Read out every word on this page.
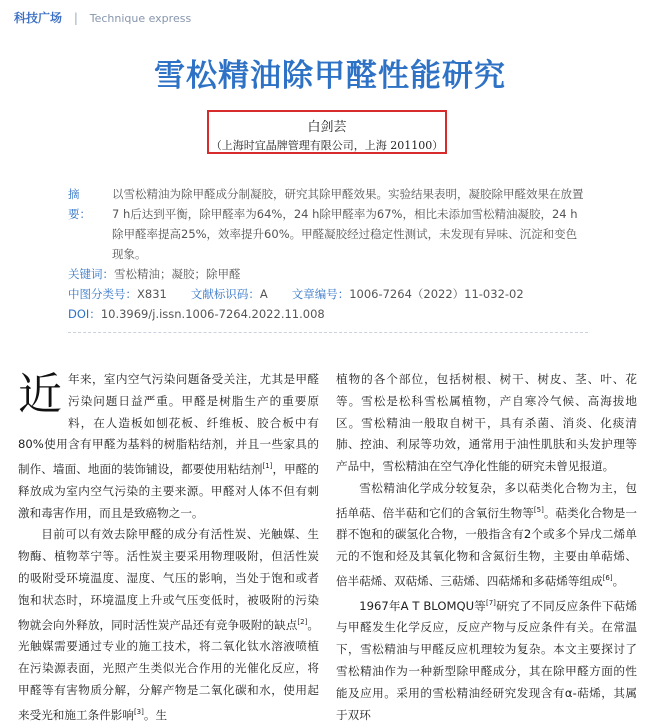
科技广场 | Technique express
雪松精油除甲醛性能研究
白剑芸
（上海时宜晶牌管理有限公司，上海 201100）
摘　要：
以雪松精油为除甲醛成分制凝胶，研究其除甲醛效果。实验结果表明，凝胶除甲醛效果在放置7 h后达到平衡，除甲醛率为64%，24 h除甲醛率为67%，相比未添加雪松精油凝胶，24 h除甲醛率提高25%，效率提升60%。甲醛凝胶经过稳定性测试，未发现有异味、沉淀和变色现象。
关键词：雪松精油；凝胶；除甲醛
中图分类号：X831 文献标识码：A 文章编号：1006-7264（2022）11-032-02
DOI：10.3969/j.issn.1006-7264.2022.11.008

近年来，室内空气污染问题备受关注，尤其是甲醛污染问题日益严重。甲醛是树脂生产的重要原料，在人造板如刨花板、纤维板、胶合板中有80%使用含有甲醛为基料的树脂粘结剂，并且一些家具的制作、墙面、地面的装饰铺设，都要使用粘结剂[1]，甲醛的释放成为室内空气污染的主要来源。甲醛对人体不但有刺激和毒害作用，而且是致癌物之一。

目前可以有效去除甲醛的成分有活性炭、光触媒、生物酶、植物萃宁等。活性炭主要采用物理吸附，但活性炭的吸附受环境温度、湿度、气压的影响，当处于饱和或者饱和状态时，环境温度上升或气压变低时，被吸附的污染物就会向外释放，同时活性炭产品还有竞争吸附的缺点[2]。光触媒需要通过专业的施工技术，将二氧化钛水溶液喷植在污染源表面，光照产生类似光合作用的光催化反应，将甲醛等有害物质分解，分解产物是二氧化碳和水，使用起来受光和施工条件影响[3]。生

植物的各个部位，包括树根、树干、树皮、茎、叶、花等。雪松是松科雪松属植物，产自寒冷气候、高海拔地区。雪松精油一般取自树干，具有杀菌、消炎、化痰清肺、控油、利尿等功效，通常用于油性肌肤和头发护理等产品中，雪松精油在空气净化性能的研究未曾见报道。

雪松精油化学成分较复杂，多以萜类化合物为主，包括单萜、倍半萜和它们的含氧衍生物等[5]。萜类化合物是一群不饱和的碳氢化合物，一般指含有2个或多个异戊二烯单元的不饱和烃及其氧化物和含氮衍生物，主要由单萜烯、倍半萜烯、双萜烯、三萜烯、四萜烯和多萜烯等组成[6]。

1967年A T BLOMQU等[7]研究了不同反应条件下萜烯与甲醛发生化学反应，反应产物与反应条件有关。在常温下，雪松精油与甲醛反应机理较为复杂。本文主要探讨了雪松精油作为一种新型除甲醛成分，其在除甲醛方面的性能及应用。采用的雪松精油经研究发现含有α-萜烯，其属于双环
